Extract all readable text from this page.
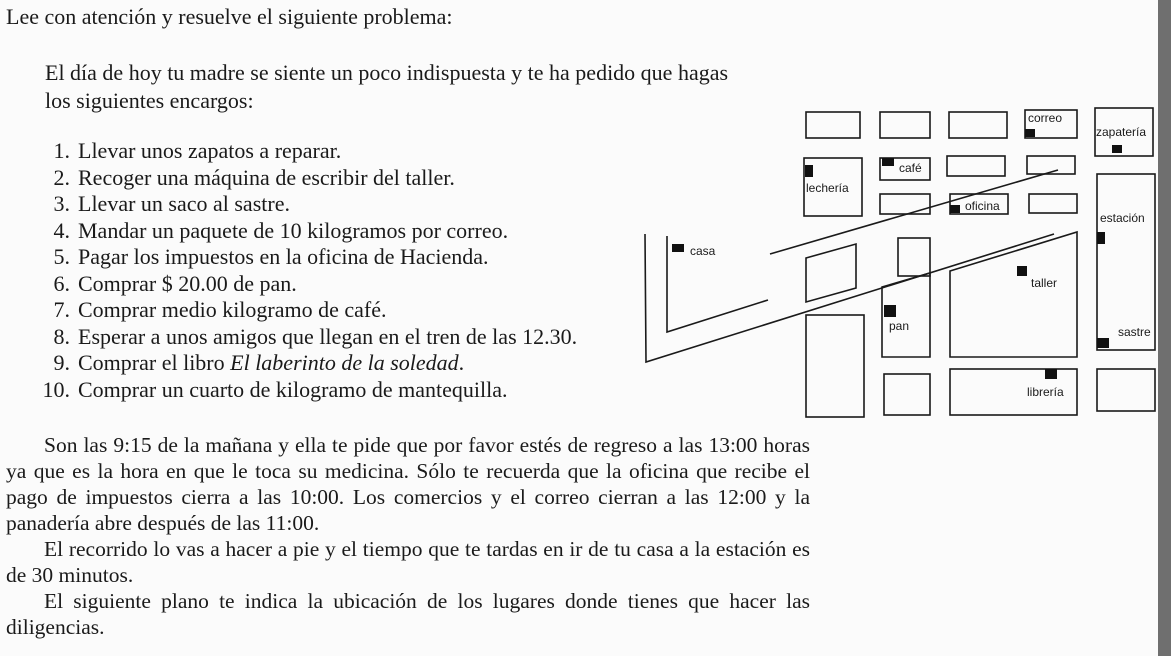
Lee con atención y resuelve el siguiente problema:
El día de hoy tu madre se siente un poco indispuesta y te ha pedido que hagas
los siguientes encargos:
1. Llevar unos zapatos a reparar.
2. Recoger una máquina de escribir del taller.
3. Llevar un saco al sastre.
4. Mandar un paquete de 10 kilogramos por correo.
5. Pagar los impuestos en la oficina de Hacienda.
6. Comprar $ 20.00 de pan.
7. Comprar medio kilogramo de café.
8. Esperar a unos amigos que llegan en el tren de las 12.30.
9. Comprar el libro El laberinto de la soledad.
10. Comprar un cuarto de kilogramo de mantequilla.

Son las 9:15 de la mañana y ella te pide que por favor estés de regreso a las 13:00 horas ya que es la hora en que le toca su medicina. Sólo te recuerda que la oficina que recibe el pago de impuestos cierra a las 10:00. Los comercios y el correo cierran a las 12:00 y la panadería abre después de las 11:00.

El recorrido lo vas a hacer a pie y el tiempo que te tardas en ir de tu casa a la estación es de 30 minutos.

El siguiente plano te indica la ubicación de los lugares donde tienes que hacer las diligencias.

correo
zapatería
café
lechería
oficina
estación
casa
taller
pan	sastre
librería
